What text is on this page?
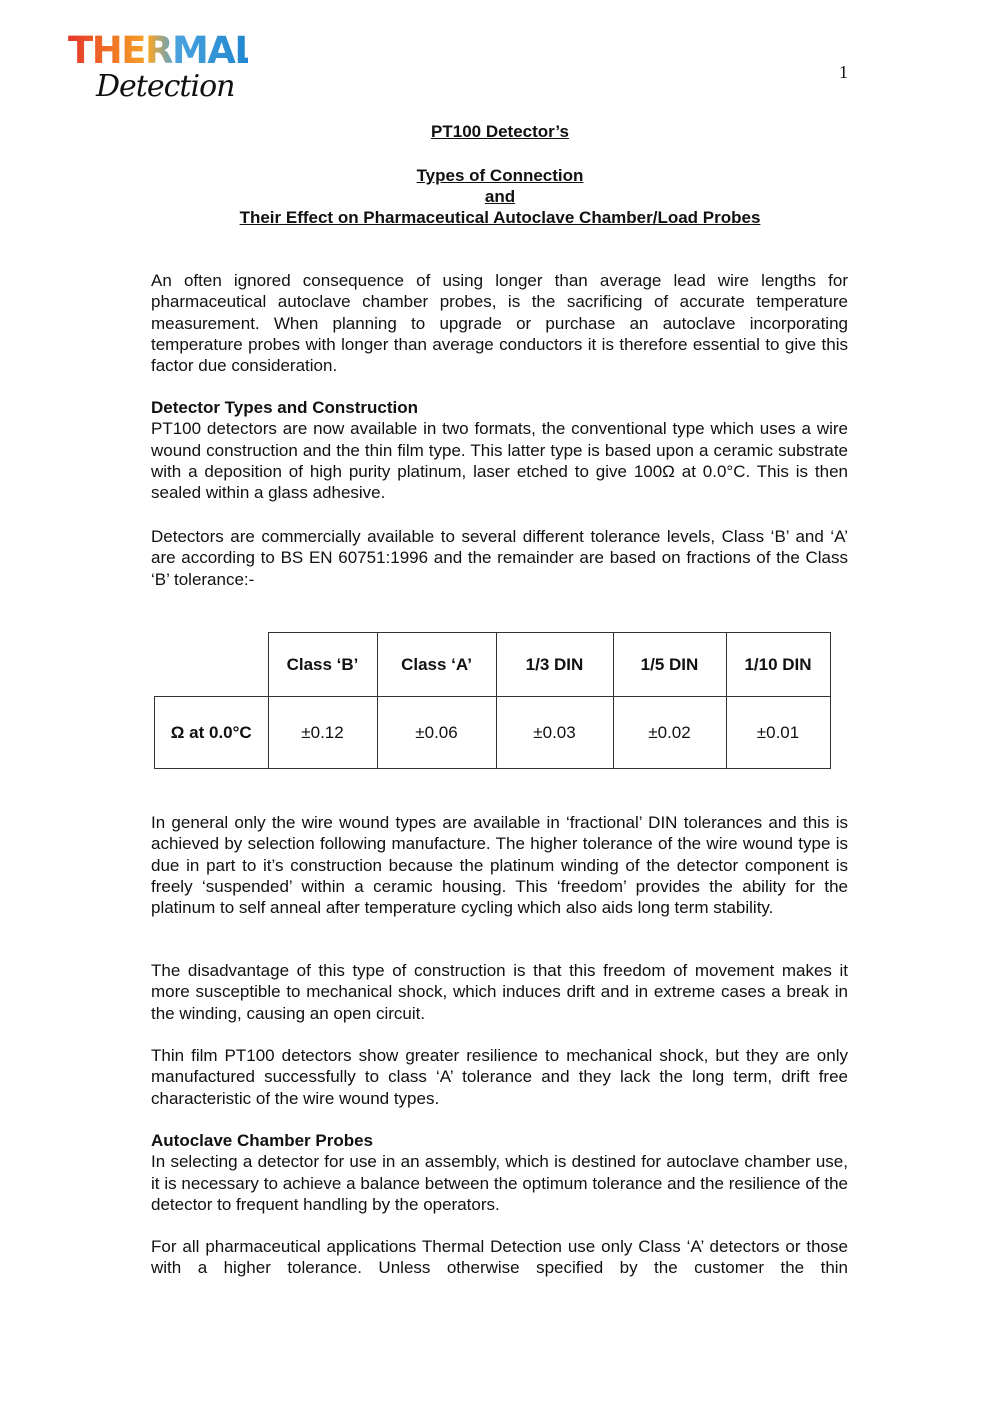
THERMAL
Detection	1
PT100 Detector’s
Types of Connection
and
Their Effect on Pharmaceutical Autoclave Chamber/Load Probes
An often ignored consequence of using longer than average lead wire lengths for pharmaceutical autoclave chamber probes, is the sacrificing of accurate temperature measurement. When planning to upgrade or purchase an autoclave incorporating temperature probes with longer than average conductors it is therefore essential to give this factor due consideration.
Detector Types and Construction
PT100 detectors are now available in two formats, the conventional type which uses a wire wound construction and the thin film type. This latter type is based upon a ceramic substrate with a deposition of high purity platinum, laser etched to give 100Ω at 0.0°C. This is then sealed within a glass adhesive.
Detectors are commercially available to several different tolerance levels, Class ‘B’ and ‘A’ are according to BS EN 60751:1996 and the remainder are based on fractions of the Class ‘B’ tolerance:-
	Class ‘B’	Class ‘A’	1/3 DIN	1/5 DIN	1/10 DIN
Ω at 0.0°C	±0.12	±0.06	±0.03	±0.02	±0.01
In general only the wire wound types are available in ‘fractional’ DIN tolerances and this is achieved by selection following manufacture. The higher tolerance of the wire wound type is due in part to it’s construction because the platinum winding of the detector component is freely ‘suspended’ within a ceramic housing. This ‘freedom’ provides the ability for the platinum to self anneal after temperature cycling which also aids long term stability.
The disadvantage of this type of construction is that this freedom of movement makes it more susceptible to mechanical shock, which induces drift and in extreme cases a break in the winding, causing an open circuit.
Thin film PT100 detectors show greater resilience to mechanical shock, but they are only manufactured successfully to class ‘A’ tolerance and they lack the long term, drift free characteristic of the wire wound types.
Autoclave Chamber Probes
In selecting a detector for use in an assembly, which is destined for autoclave chamber use, it is necessary to achieve a balance between the optimum tolerance and the resilience of the detector to frequent handling by the operators.
For all pharmaceutical applications Thermal Detection use only Class ‘A’ detectors or those with a higher tolerance. Unless otherwise specified by the customer the thin
